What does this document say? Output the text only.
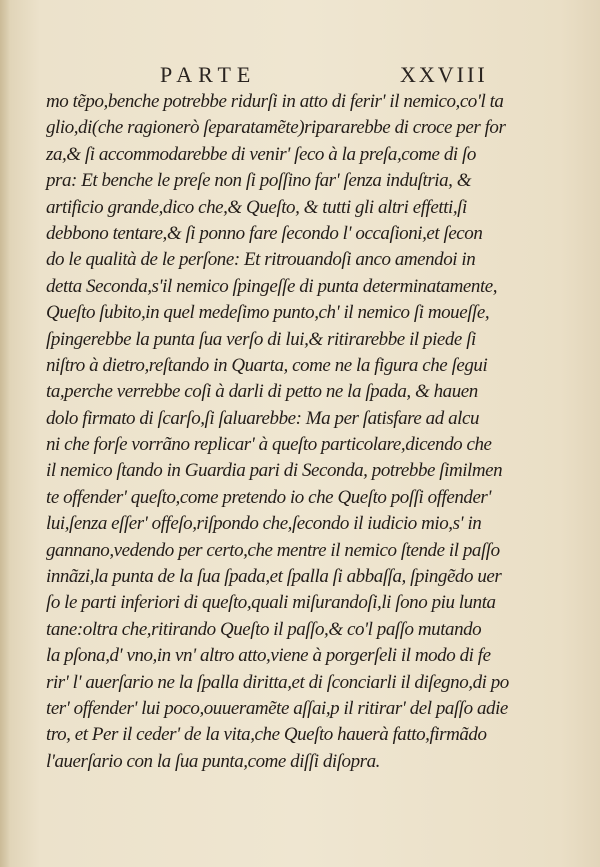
PARTE	XXVIII
mo tẽpo,benche potrebbe ridurſi in atto di ferir' il nemico,co'l ta
glio,di(che ragionerò ſeparatamẽte)ripararebbe di croce per for
za,& ſi accommodarebbe di venir' ſeco à la preſa,come di ſo
pra: Et benche le preſe non ſi poſſino far' ſenza induſtria, &
artificio grande,dico che,& Queſto, & tutti gli altri effetti,ſi
debbono tentare,& ſi ponno fare ſecondo l' occaſioni,et ſecon
do le qualità de le perſone: Et ritrouandoſi anco amendoi in
detta Seconda,s'il nemico ſpingeſſe di punta determinatamente,
Queſto ſubito,in quel medeſimo punto,ch' il nemico ſi moueſſe,
ſpingerebbe la punta ſua verſo di lui,& ritirarebbe il piede ſi
niſtro à dietro,reſtando in Quarta, come ne la figura che ſegui
ta,perche verrebbe coſi à darli di petto ne la ſpada, & hauen
dolo firmato di ſcarſo,ſi ſaluarebbe: Ma per ſatisfare ad alcu
ni che forſe vorrãno replicar' à queſto particolare,dicendo che
il nemico ſtando in Guardia pari di Seconda, potrebbe ſimilmen
te offender' queſto,come pretendo io che Queſto poſſi offender'
lui,ſenza eſſer' offeſo,riſpondo che,ſecondo il iudicio mio,s' in
gannano,vedendo per certo,che mentre il nemico ſtende il paſſo
innãzi,la punta de la ſua ſpada,et ſpalla ſi abbaſſa, ſpingẽdo uer
ſo le parti inferiori di queſto,quali miſurandoſi,li ſono piu lunta
tane:oltra che,ritirando Queſto il paſſo,& co'l paſſo mutando
la pſona,d' vno,in vn' altro atto,viene à porgerſeli il modo di fe
rir' l' auerſario ne la ſpalla diritta,et di ſconciarli il diſegno,di po
ter' offender' lui poco,ouueramẽte aſſai,p il ritirar' del paſſo adie
tro, et Per il ceder' de la vita,che Queſto hauerà fatto,firmãdo
l'auerſario con la ſua punta,come diſſi diſopra.
